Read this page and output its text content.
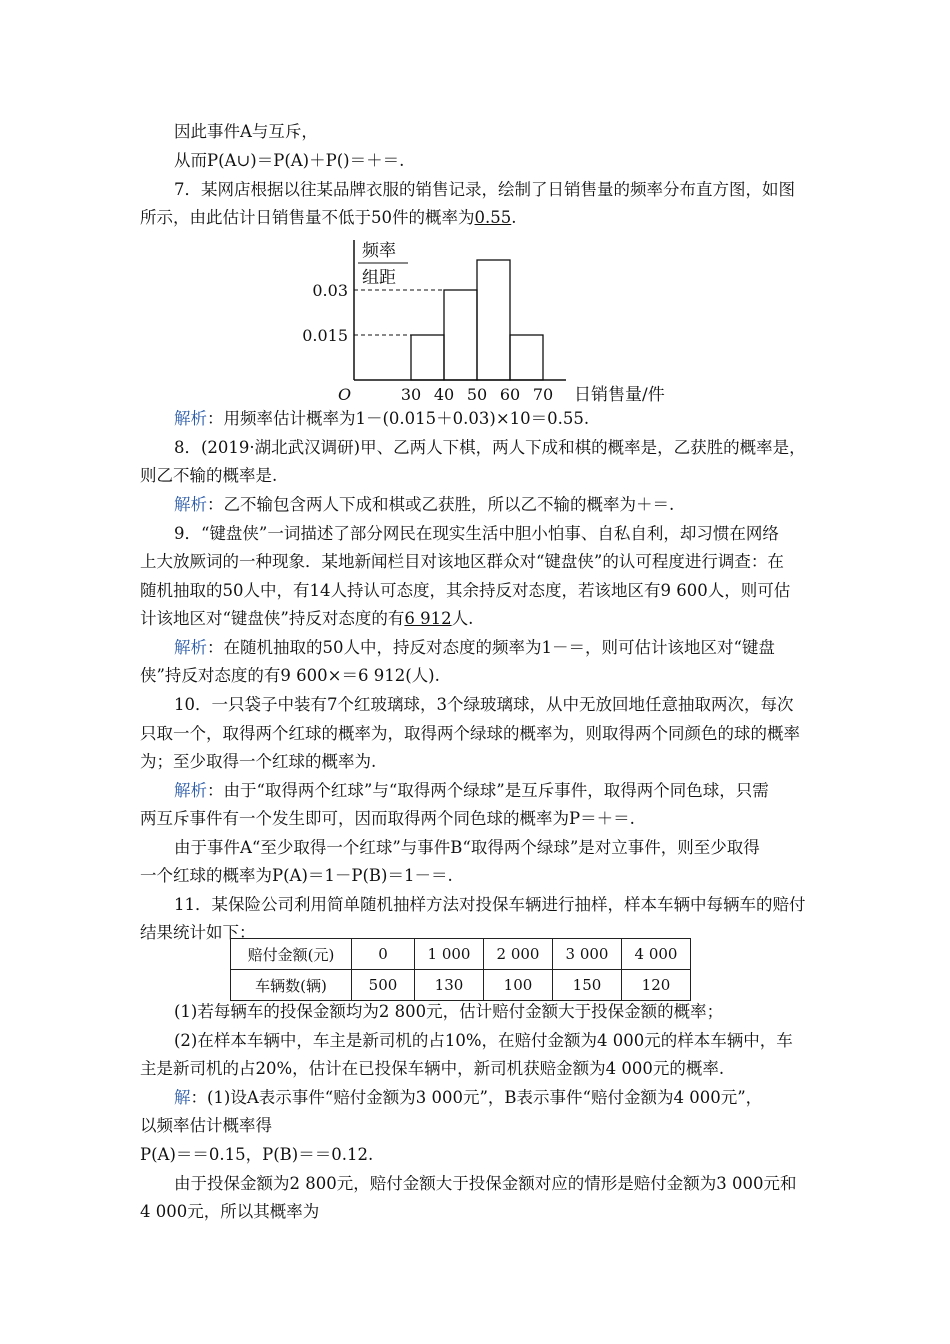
因此事件A与互斥，
从而P(A∪)＝P(A)＋P()＝＋＝.
7．某网店根据以往某品牌衣服的销售记录，绘制了日销售量的频率分布直方图，如图
所示，由此估计日销售量不低于50件的概率为0.55.
频率
组距
O	日销售量/件
0.03
0.015
30 40 50 60 70
解析：用频率估计概率为1－(0.015＋0.03)×10＝0.55.
8．(2019·湖北武汉调研)甲、乙两人下棋，两人下成和棋的概率是，乙获胜的概率是，
则乙不输的概率是.
解析：乙不输包含两人下成和棋或乙获胜，所以乙不输的概率为＋＝.
9．“键盘侠”一词描述了部分网民在现实生活中胆小怕事、自私自利，却习惯在网络
上大放厥词的一种现象．某地新闻栏目对该地区群众对“键盘侠”的认可程度进行调查：在
随机抽取的50人中，有14人持认可态度，其余持反对态度，若该地区有9 600人，则可估
计该地区对“键盘侠”持反对态度的有6 912人.
解析：在随机抽取的50人中，持反对态度的频率为1－＝，则可估计该地区对“键盘
侠”持反对态度的有9 600×＝6 912(人).
10．一只袋子中装有7个红玻璃球，3个绿玻璃球，从中无放回地任意抽取两次，每次
只取一个，取得两个红球的概率为，取得两个绿球的概率为，则取得两个同颜色的球的概率
为；至少取得一个红球的概率为.
解析：由于“取得两个红球”与“取得两个绿球”是互斥事件，取得两个同色球，只需
两互斥事件有一个发生即可，因而取得两个同色球的概率为P＝＋＝.
由于事件A“至少取得一个红球”与事件B“取得两个绿球”是对立事件，则至少取得
一个红球的概率为P(A)＝1－P(B)＝1－＝.
11．某保险公司利用简单随机抽样方法对投保车辆进行抽样，样本车辆中每辆车的赔付
结果统计如下：
赔付金额(元)	0	1 000	2 000	3 000	4 000
车辆数(辆)	500	130	100	150	120
(1)若每辆车的投保金额均为2 800元，估计赔付金额大于投保金额的概率；
(2)在样本车辆中，车主是新司机的占10%，在赔付金额为4 000元的样本车辆中，车
主是新司机的占20%，估计在已投保车辆中，新司机获赔金额为4 000元的概率.
解：(1)设A表示事件“赔付金额为3 000元”，B表示事件“赔付金额为4 000元”，
以频率估计概率得
P(A)＝＝0.15，P(B)＝＝0.12.
由于投保金额为2 800元，赔付金额大于投保金额对应的情形是赔付金额为3 000元和
4 000元，所以其概率为
